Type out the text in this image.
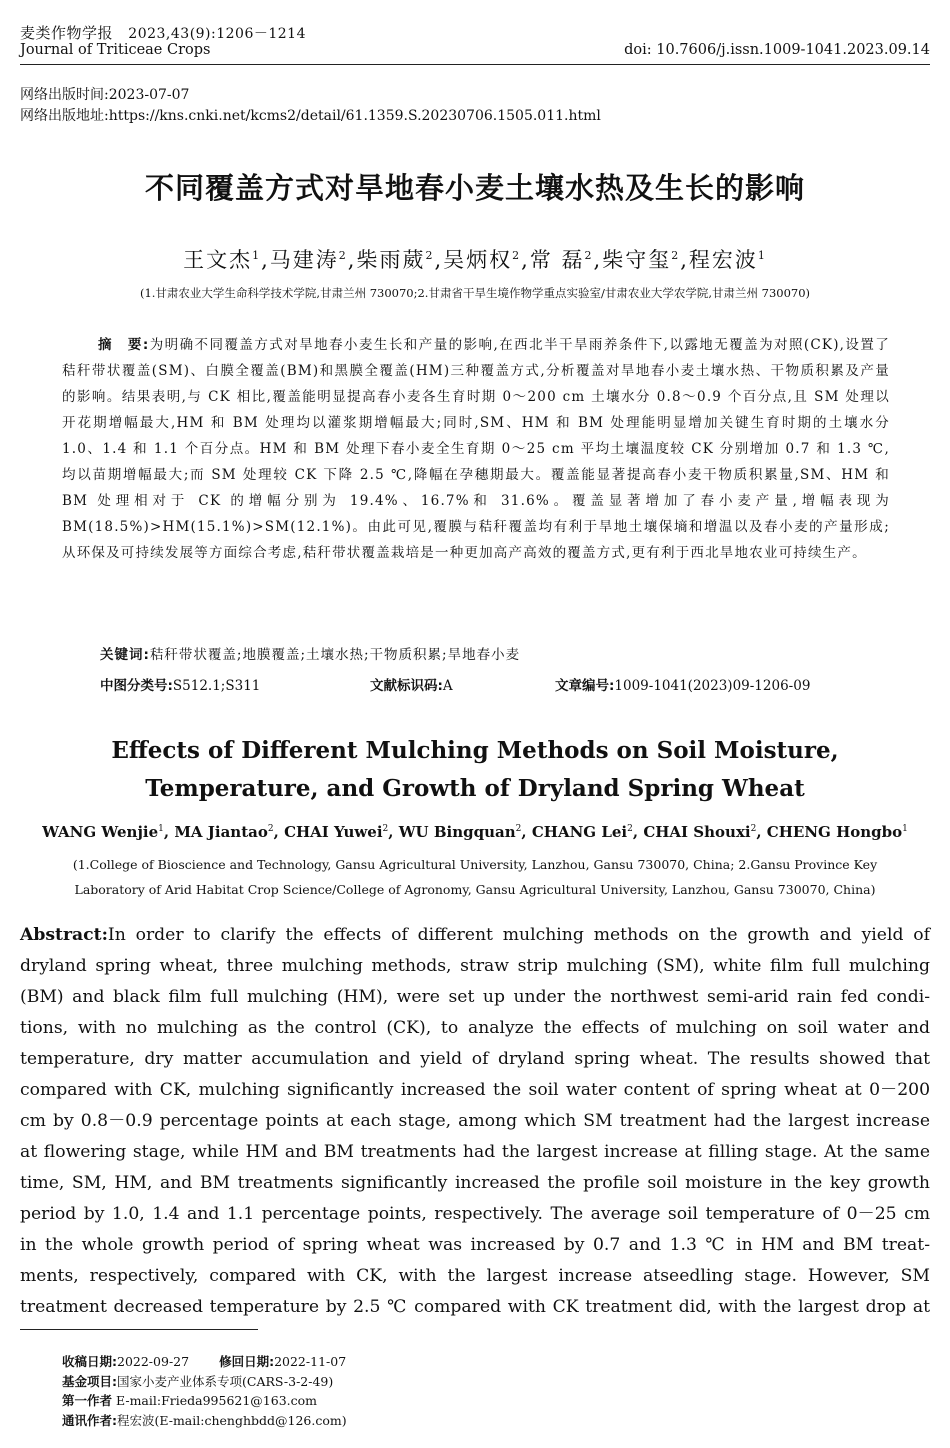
麦类作物学报 2023,43(9):1206－1214
Journal of Triticeae Crops	doi: 10.7606/j.issn.1009-1041.2023.09.14
网络出版时间:2023-07-07
网络出版地址:https://kns.cnki.net/kcms2/detail/61.1359.S.20230706.1505.011.html
不同覆盖方式对旱地春小麦土壤水热及生长的影响
王文杰$^1$,马建涛$^2$,柴雨葳$^2$,吴炳权$^2$,常 磊$^2$,柴守玺$^2$,程宏波$^1$
(1.甘肃农业大学生命科学技术学院,甘肃兰州 730070;2.甘肃省干旱生境作物学重点实验室/甘肃农业大学农学院,甘肃兰州 730070)
摘　要:为明确不同覆盖方式对旱地春小麦生长和产量的影响,在西北半干旱雨养条件下,以露地无覆盖为对照(CK),设置了秸秆带状覆盖(SM)、白膜全覆盖(BM)和黑膜全覆盖(HM)三种覆盖方式,分析覆盖对旱地春小麦土壤水热、干物质积累及产量的影响。结果表明,与 CK 相比,覆盖能明显提高春小麦各生育时期 0～200 cm 土壤水分 0.8～0.9 个百分点,且 SM 处理以开花期增幅最大,HM 和 BM 处理均以灌浆期增幅最大;同时,SM、HM 和 BM 处理能明显增加关键生育时期的土壤水分 1.0、1.4 和 1.1 个百分点。HM 和 BM 处理下春小麦全生育期 0～25 cm 平均土壤温度较 CK 分别增加 0.7 和 1.3 ℃,均以苗期增幅最大;而 SM 处理较 CK 下降 2.5 ℃,降幅在孕穗期最大。覆盖能显著提高春小麦干物质积累量,SM、HM 和 BM 处理相对于 CK 的增幅分别为 19.4%、16.7%和 31.6%。覆盖显著增加了春小麦产量,增幅表现为 BM(18.5%)>HM(15.1%)>SM(12.1%)。由此可见,覆膜与秸秆覆盖均有利于旱地土壤保墒和增温以及春小麦的产量形成;从环保及可持续发展等方面综合考虑,秸秆带状覆盖栽培是一种更加高产高效的覆盖方式,更有利于西北旱地农业可持续生产。
关键词:秸秆带状覆盖;地膜覆盖;土壤水热;干物质积累;旱地春小麦
中图分类号:S512.1;S311	文献标识码:A	文章编号:1009-1041(2023)09-1206-09
Effects of Different Mulching Methods on Soil Moisture,
Temperature, and Growth of Dryland Spring Wheat
WANG Wenjie$^1$, MA Jiantao$^2$, CHAI Yuwei$^2$, WU Bingquan$^2$, CHANG Lei$^2$, CHAI Shouxi$^2$, CHENG Hongbo$^1$
(1.College of Bioscience and Technology, Gansu Agricultural University, Lanzhou, Gansu 730070, China; 2.Gansu Province Key
Laboratory of Arid Habitat Crop Science/College of Agronomy, Gansu Agricultural University, Lanzhou, Gansu 730070, China)
Abstract:In order to clarify the effects of different mulching methods on the growth and yield of
dryland spring wheat, three mulching methods, straw strip mulching (SM), white film full mulching
(BM) and black film full mulching (HM), were set up under the northwest semi-arid rain fed condi-
tions, with no mulching as the control (CK), to analyze the effects of mulching on soil water and
temperature, dry matter accumulation and yield of dryland spring wheat. The results showed that
compared with CK, mulching significantly increased the soil water content of spring wheat at 0－200
cm by 0.8－0.9 percentage points at each stage, among which SM treatment had the largest increase
at flowering stage, while HM and BM treatments had the largest increase at filling stage. At the same
time, SM, HM, and BM treatments significantly increased the profile soil moisture in the key growth
period by 1.0, 1.4 and 1.1 percentage points, respectively. The average soil temperature of 0－25 cm
in the whole growth period of spring wheat was increased by 0.7 and 1.3 ℃ in HM and BM treat-
ments, respectively, compared with CK, with the largest increase atseedling stage. However, SM
treatment decreased temperature by 2.5 ℃ compared with CK treatment did, with the largest drop at
收稿日期:2022-09-27 修回日期:2022-11-07
基金项目:国家小麦产业体系专项(CARS-3-2-49)
第一作者 E-mail:Frieda995621@163.com
通讯作者:程宏波(E-mail:chenghbdd@126.com)
